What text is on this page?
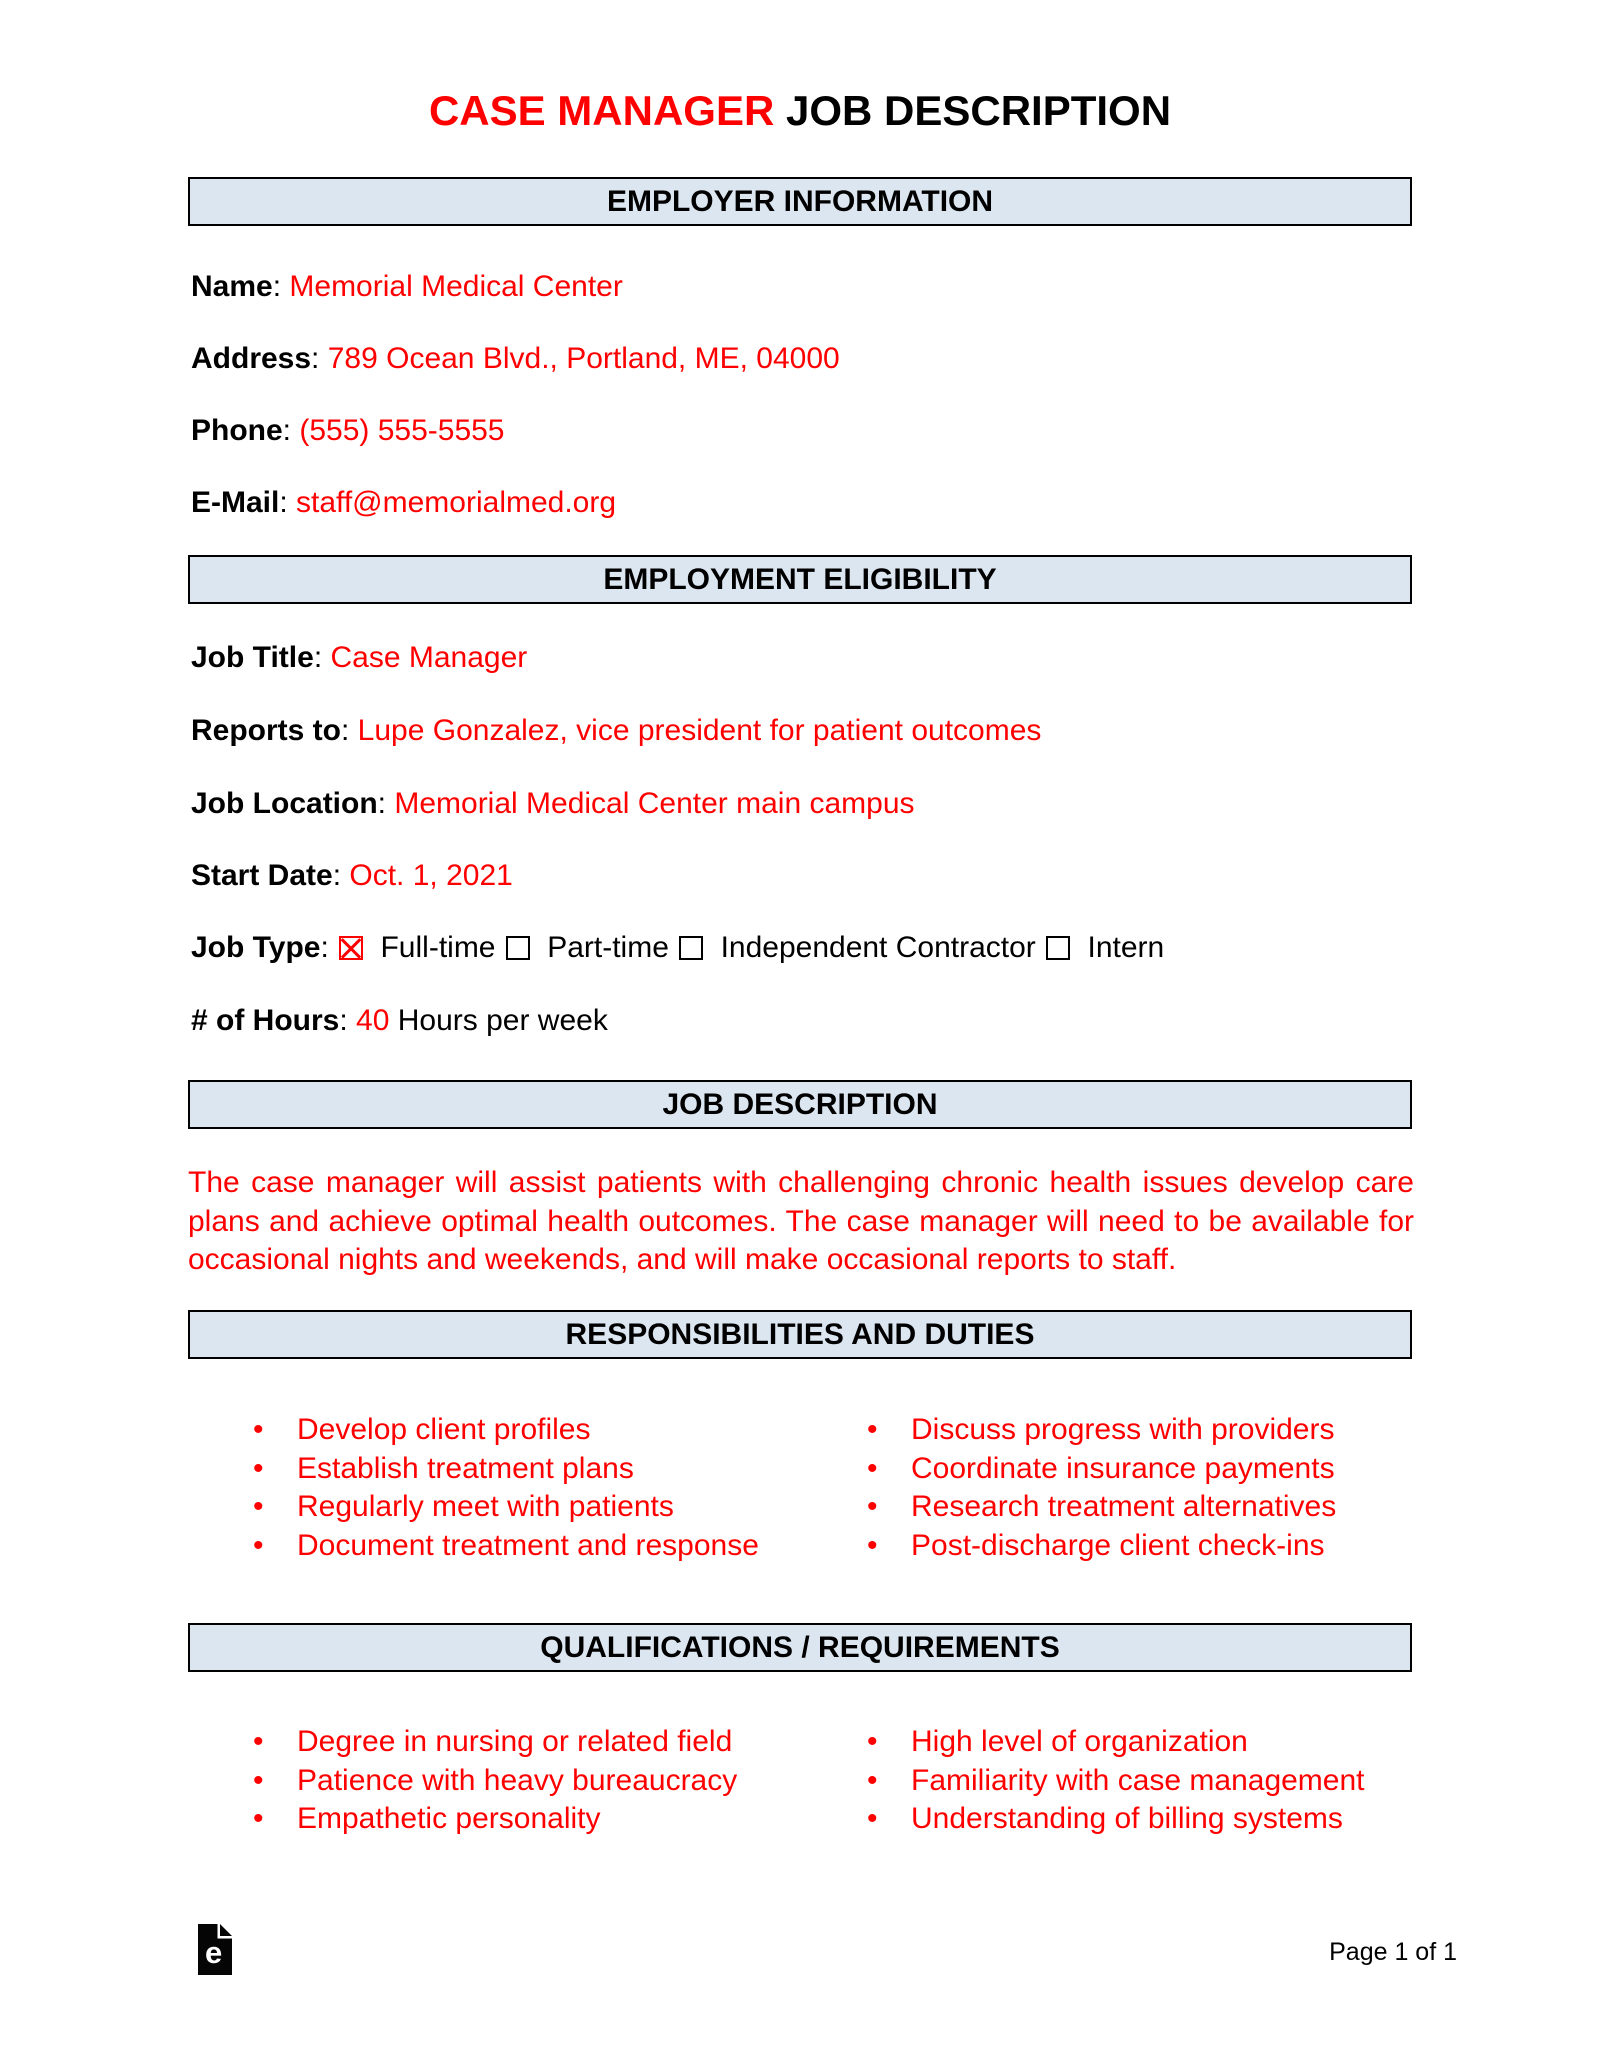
CASE MANAGER JOB DESCRIPTION
EMPLOYER INFORMATION
Name: Memorial Medical Center
Address: 789 Ocean Blvd., Portland, ME, 04000
Phone: (555) 555-5555
E-Mail: staff@memorialmed.org
EMPLOYMENT ELIGIBILITY
Job Title: Case Manager
Reports to: Lupe Gonzalez, vice president for patient outcomes
Job Location: Memorial Medical Center main campus
Start Date: Oct. 1, 2021
Job Type:  Full-time Part-time Independent Contractor Intern
# of Hours: 40 Hours per week
JOB DESCRIPTION
The case manager will assist patients with challenging chronic health issues develop care plans and achieve optimal health outcomes. The case manager will need to be available for occasional nights and weekends, and will make occasional reports to staff.
RESPONSIBILITIES AND DUTIES
•	Develop client profiles
•	Establish treatment plans
•	Regularly meet with patients
•	Document treatment and response
•	Discuss progress with providers
•	Coordinate insurance payments
•	Research treatment alternatives
•	Post-discharge client check-ins
QUALIFICATIONS / REQUIREMENTS
•	Degree in nursing or related field
•	Patience with heavy bureaucracy
•	Empathetic personality
•	High level of organization
•	Familiarity with case management
•	Understanding of billing systems
e	Page 1 of 1
